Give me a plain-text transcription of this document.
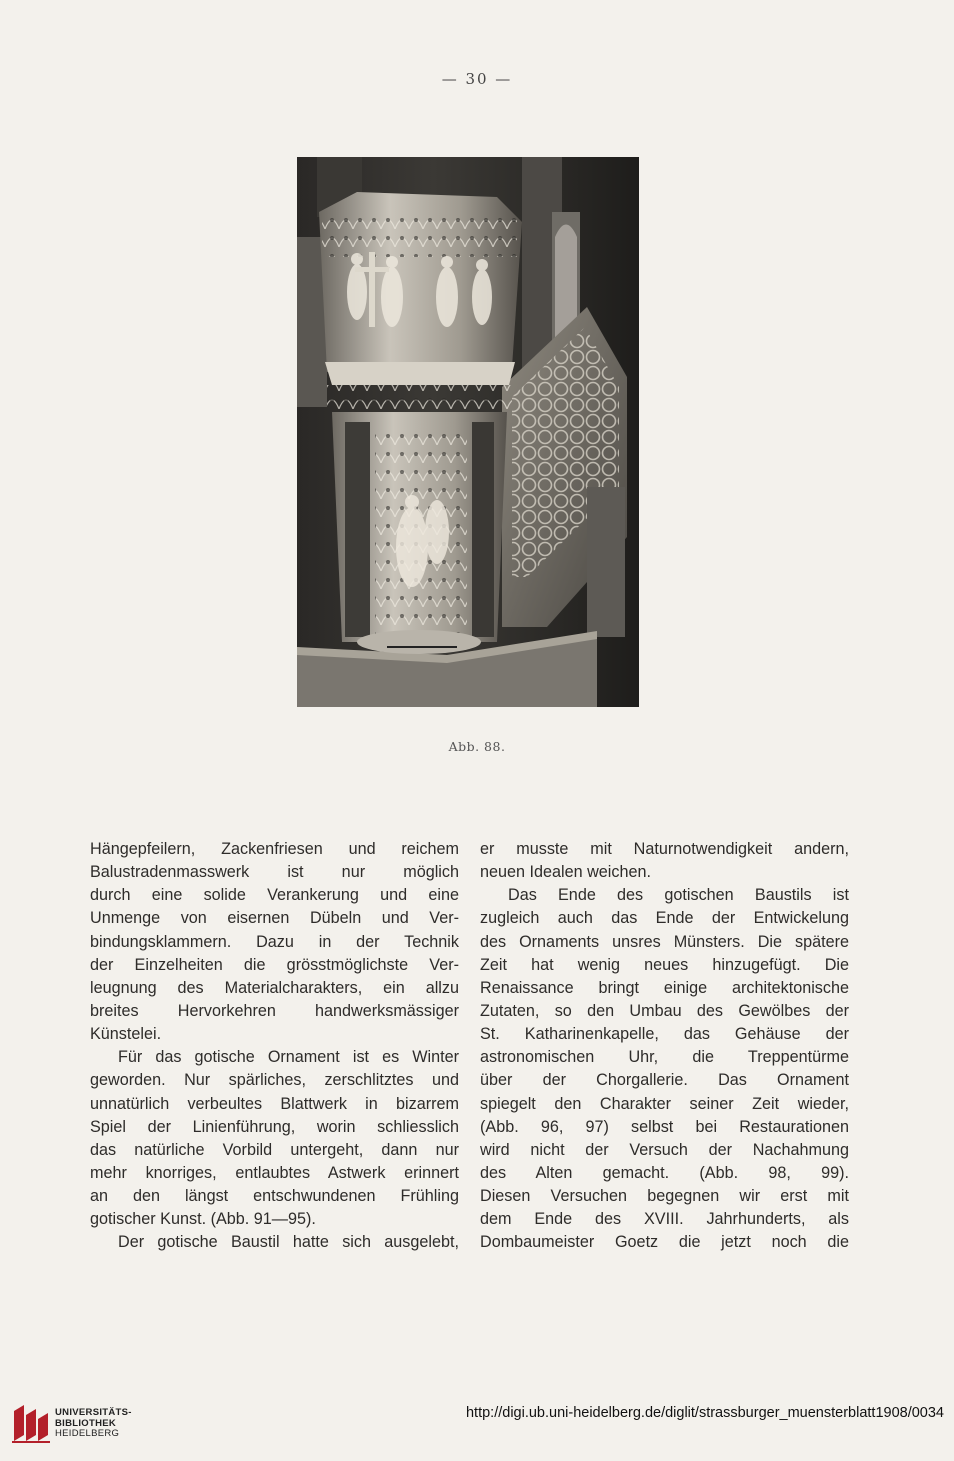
— 30 —
Abb. 88.
Hängepfeilern, Zackenfriesen und reichem
Balustradenmasswerk ist nur möglich
durch eine solide Verankerung und eine
Unmenge von eisernen Dübeln und Ver-
bindungsklammern. Dazu in der Technik
der Einzelheiten die grösstmöglichste Ver-
leugnung des Materialcharakters, ein allzu
breites Hervorkehren handwerksmässiger
Künstelei.
Für das gotische Ornament ist es Winter
geworden. Nur spärliches, zerschlitztes und
unnatürlich verbeultes Blattwerk in bizarrem
Spiel der Linienführung, worin schliesslich
das natürliche Vorbild untergeht, dann nur
mehr knorriges, entlaubtes Astwerk erinnert
an den längst entschwundenen Frühling
gotischer Kunst. (Abb. 91—95).
Der gotische Baustil hatte sich ausgelebt,
er musste mit Naturnotwendigkeit andern,
neuen Idealen weichen.
Das Ende des gotischen Baustils ist
zugleich auch das Ende der Entwickelung
des Ornaments unsres Münsters. Die spätere
Zeit hat wenig neues hinzugefügt. Die
Renaissance bringt einige architektonische
Zutaten, so den Umbau des Gewölbes der
St. Katharinenkapelle, das Gehäuse der
astronomischen Uhr, die Treppentürme
über der Chorgallerie. Das Ornament
spiegelt den Charakter seiner Zeit wieder,
(Abb. 96, 97) selbst bei Restaurationen
wird nicht der Versuch der Nachahmung
des Alten gemacht. (Abb. 98, 99).
Diesen Versuchen begegnen wir erst mit
dem Ende des XVIII. Jahrhunderts, als
Dombaumeister Goetz die jetzt noch die
UNIVERSITÄTS-
BIBLIOTHEK
HEIDELBERG
http://digi.ub.uni-heidelberg.de/diglit/strassburger_muensterblatt1908/0034
